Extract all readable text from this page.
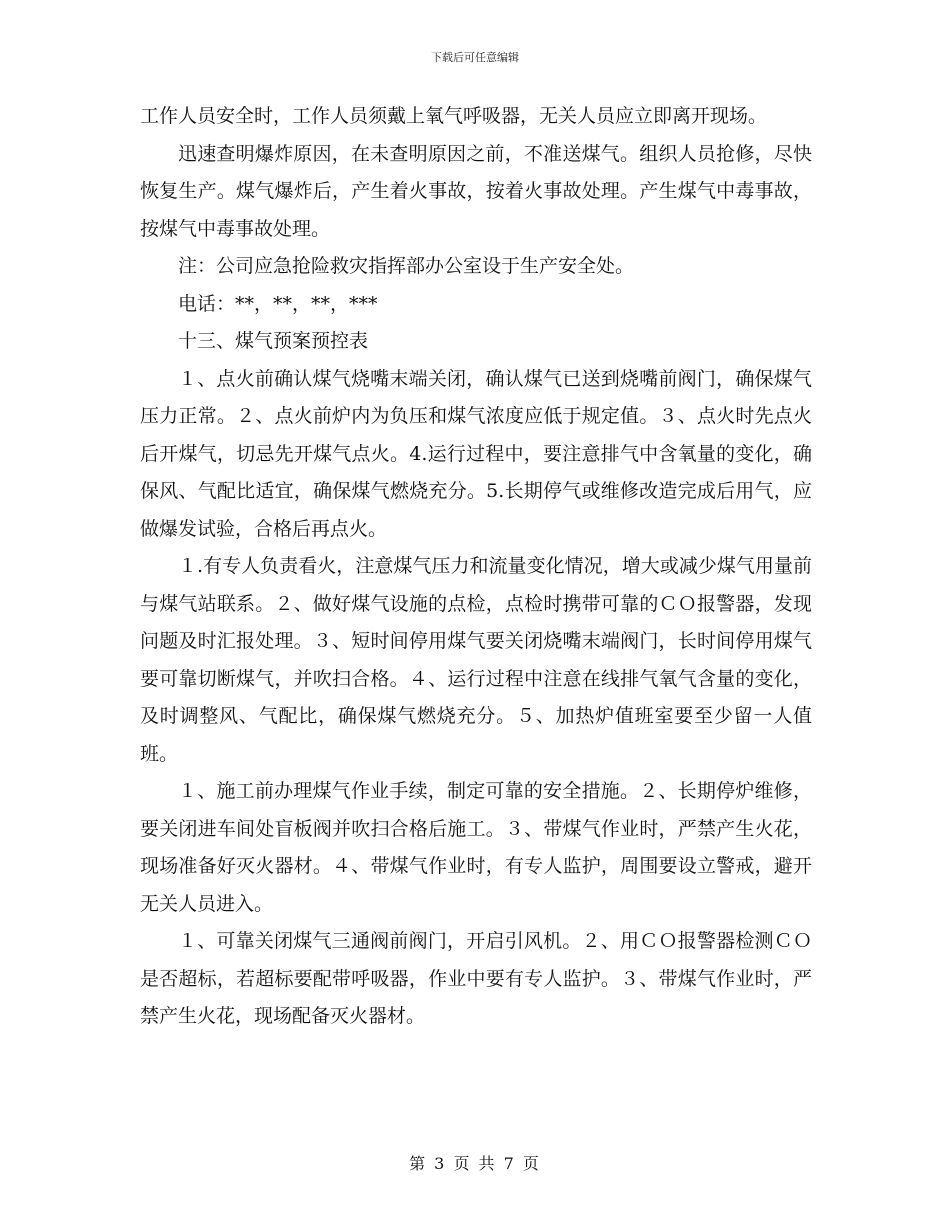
下载后可任意编辑

工作人员安全时，工作人员须戴上氧气呼吸器，无关人员应立即离开现场。

迅速查明爆炸原因，在未查明原因之前，不准送煤气。组织人员抢修，尽快恢复生产。煤气爆炸后，产生着火事故，按着火事故处理。产生煤气中毒事故，按煤气中毒事故处理。

注：公司应急抢险救灾指挥部办公室设于生产安全处。

电话：**，**，**，***

十三、煤气预案预控表

１、点火前确认煤气烧嘴末端关闭，确认煤气已送到烧嘴前阀门，确保煤气压力正常。２、点火前炉内为负压和煤气浓度应低于规定值。３、点火时先点火后开煤气，切忌先开煤气点火。4.运行过程中，要注意排气中含氧量的变化，确保风、气配比适宜，确保煤气燃烧充分。5.长期停气或维修改造完成后用气，应做爆发试验，合格后再点火。

１.有专人负责看火，注意煤气压力和流量变化情况，增大或减少煤气用量前与煤气站联系。２、做好煤气设施的点检，点检时携带可靠的ＣＯ报警器，发现问题及时汇报处理。３、短时间停用煤气要关闭烧嘴末端阀门，长时间停用煤气要可靠切断煤气，并吹扫合格。４、运行过程中注意在线排气氧气含量的变化，及时调整风、气配比，确保煤气燃烧充分。５、加热炉值班室要至少留一人值班。

１、施工前办理煤气作业手续，制定可靠的安全措施。２、长期停炉维修，要关闭进车间处盲板阀并吹扫合格后施工。３、带煤气作业时，严禁产生火花，现场准备好灭火器材。４、带煤气作业时，有专人监护，周围要设立警戒，避开无关人员进入。

１、可靠关闭煤气三通阀前阀门，开启引风机。２、用ＣＯ报警器检测ＣＯ是否超标，若超标要配带呼吸器，作业中要有专人监护。３、带煤气作业时，严禁产生火花，现场配备灭火器材。

第 3 页 共 7 页
